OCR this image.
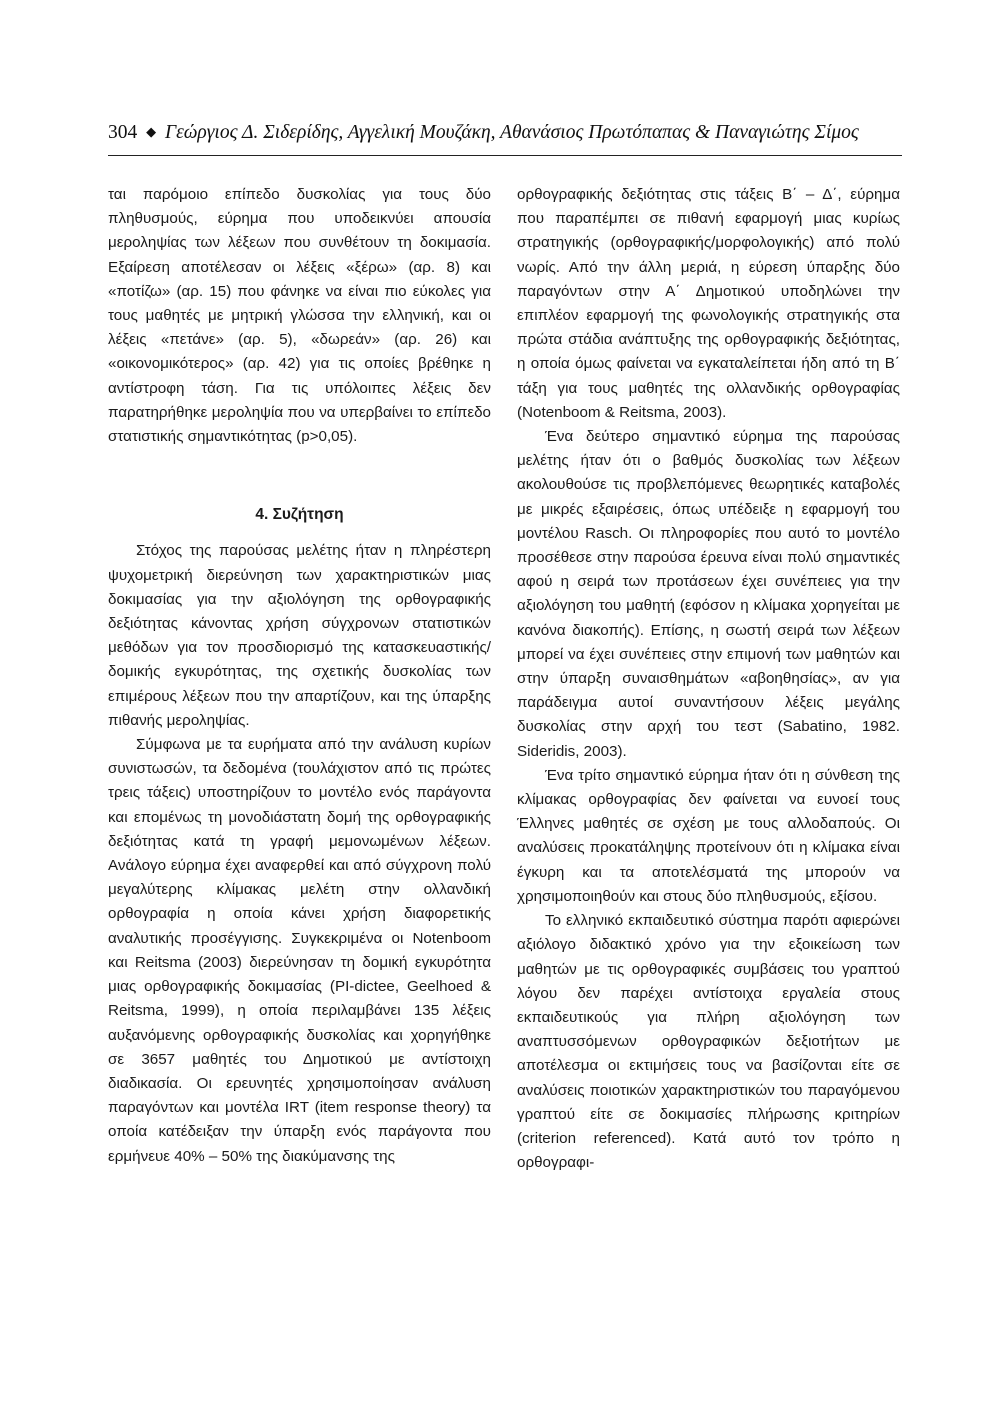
304 ◆ Γεώργιος Δ. Σιδερίδης, Αγγελική Μουζάκη, Αθανάσιος Πρωτόπαπας & Παναγιώτης Σίμος

ται παρόμοιο επίπεδο δυσκολίας για τους δύο πληθυσμούς, εύρημα που υποδεικνύει απουσία μεροληψίας των λέξεων που συνθέτουν τη δοκιμασία. Εξαίρεση αποτέλεσαν οι λέξεις «ξέρω» (αρ. 8) και «ποτίζω» (αρ. 15) που φάνηκε να είναι πιο εύκολες για τους μαθητές με μητρική γλώσσα την ελληνική, και οι λέξεις «πετάνε» (αρ. 5), «δωρεάν» (αρ. 26) και «οικονομικότερος» (αρ. 42) για τις οποίες βρέθηκε η αντίστροφη τάση. Για τις υπόλοιπες λέξεις δεν παρατηρήθηκε μεροληψία που να υπερβαίνει το επίπεδο στατιστικής σημαντικότητας (p>0,05).

4. Συζήτηση

Στόχος της παρούσας μελέτης ήταν η πληρέστερη ψυχομετρική διερεύνηση των χαρακτηριστικών μιας δοκιμασίας για την αξιολόγηση της ορθογραφικής δεξιότητας κάνοντας χρήση σύγχρονων στατιστικών μεθόδων για τον προσδιορισμό της κατασκευαστικής/δομικής εγκυρότητας, της σχετικής δυσκολίας των επιμέρους λέξεων που την απαρτίζουν, και της ύπαρξης πιθανής μεροληψίας.

Σύμφωνα με τα ευρήματα από την ανάλυση κυρίων συνιστωσών, τα δεδομένα (τουλάχιστον από τις πρώτες τρεις τάξεις) υποστηρίζουν το μοντέλο ενός παράγοντα και επομένως τη μονοδιάστατη δομή της ορθογραφικής δεξιότητας κατά τη γραφή μεμονωμένων λέξεων. Ανάλογο εύρημα έχει αναφερθεί και από σύγχρονη πολύ μεγαλύτερης κλίμακας μελέτη στην ολλανδική ορθογραφία η οποία κάνει χρήση διαφορετικής αναλυτικής προσέγγισης. Συγκεκριμένα οι Notenboom και Reitsma (2003) διερεύνησαν τη δομική εγκυρότητα μιας ορθογραφικής δοκιμασίας (PI-dictee, Geelhoed & Reitsma, 1999), η οποία περιλαμβάνει 135 λέξεις αυξανόμενης ορθογραφικής δυσκολίας και χορηγήθηκε σε 3657 μαθητές του Δημοτικού με αντίστοιχη διαδικασία. Οι ερευνητές χρησιμοποίησαν ανάλυση παραγόντων και μοντέλα IRT (item response theory) τα οποία κατέδειξαν την ύπαρξη ενός παράγοντα που ερμήνευε 40% – 50% της διακύμανσης της

ορθογραφικής δεξιότητας στις τάξεις Β΄ – Δ΄, εύρημα που παραπέμπει σε πιθανή εφαρμογή μιας κυρίως στρατηγικής (ορθογραφικής/μορφολογικής) από πολύ νωρίς. Από την άλλη μεριά, η εύρεση ύπαρξης δύο παραγόντων στην Α΄ Δημοτικού υποδηλώνει την επιπλέον εφαρμογή της φωνολογικής στρατηγικής στα πρώτα στάδια ανάπτυξης της ορθογραφικής δεξιότητας, η οποία όμως φαίνεται να εγκαταλείπεται ήδη από τη Β΄ τάξη για τους μαθητές της ολλανδικής ορθογραφίας (Notenboom & Reitsma, 2003).

Ένα δεύτερο σημαντικό εύρημα της παρούσας μελέτης ήταν ότι ο βαθμός δυσκολίας των λέξεων ακολουθούσε τις προβλεπόμενες θεωρητικές καταβολές με μικρές εξαιρέσεις, όπως υπέδειξε η εφαρμογή του μοντέλου Rasch. Οι πληροφορίες που αυτό το μοντέλο προσέθεσε στην παρούσα έρευνα είναι πολύ σημαντικές αφού η σειρά των προτάσεων έχει συνέπειες για την αξιολόγηση του μαθητή (εφόσον η κλίμακα χορηγείται με κανόνα διακοπής). Επίσης, η σωστή σειρά των λέξεων μπορεί να έχει συνέπειες στην επιμονή των μαθητών και στην ύπαρξη συναισθημάτων «αβοηθησίας», αν για παράδειγμα αυτοί συναντήσουν λέξεις μεγάλης δυσκολίας στην αρχή του τεστ (Sabatino, 1982. Sideridis, 2003).

Ένα τρίτο σημαντικό εύρημα ήταν ότι η σύνθεση της κλίμακας ορθογραφίας δεν φαίνεται να ευνοεί τους Έλληνες μαθητές σε σχέση με τους αλλοδαπούς. Οι αναλύσεις προκατάληψης προτείνουν ότι η κλίμακα είναι έγκυρη και τα αποτελέσματά της μπορούν να χρησιμοποιηθούν και στους δύο πληθυσμούς, εξίσου.

Το ελληνικό εκπαιδευτικό σύστημα παρότι αφιερώνει αξιόλογο διδακτικό χρόνο για την εξοικείωση των μαθητών με τις ορθογραφικές συμβάσεις του γραπτού λόγου δεν παρέχει αντίστοιχα εργαλεία στους εκπαιδευτικούς για πλήρη αξιολόγηση των αναπτυσσόμενων ορθογραφικών δεξιοτήτων με αποτέλεσμα οι εκτιμήσεις τους να βασίζονται είτε σε αναλύσεις ποιοτικών χαρακτηριστικών του παραγόμενου γραπτού είτε σε δοκιμασίες πλήρωσης κριτηρίων (criterion referenced). Κατά αυτό τον τρόπο η ορθογραφι-
